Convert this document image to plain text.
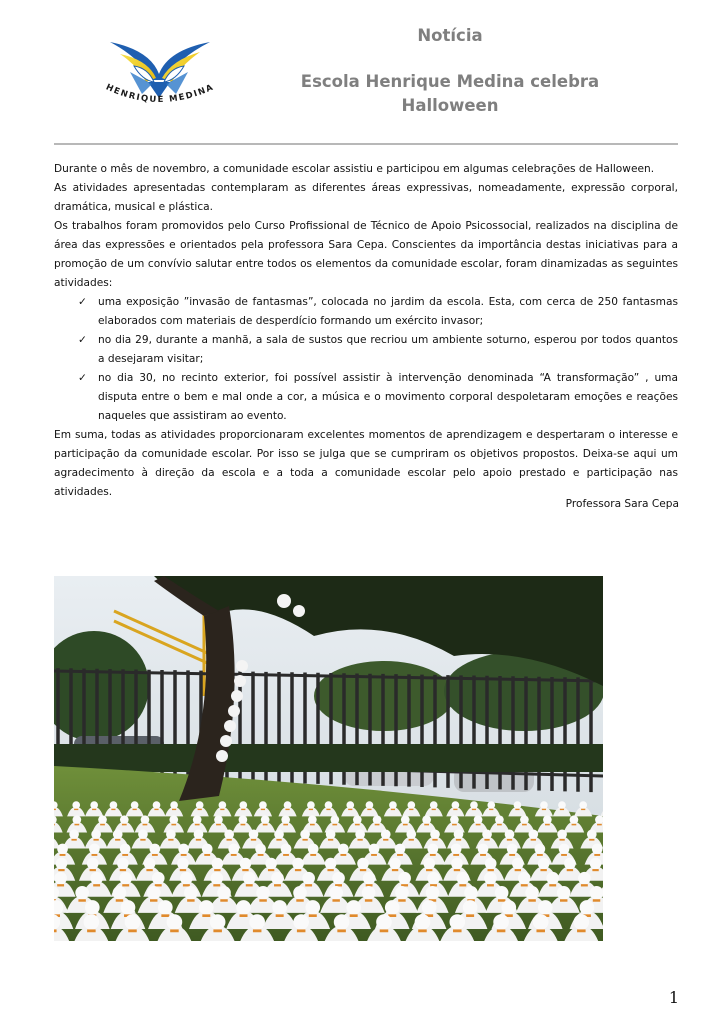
HENRIQUE MEDINA
Notícia
Escola Henrique Medina celebra
Halloween

Durante o mês de novembro, a comunidade escolar assistiu e participou em algumas celebrações de Halloween.

As atividades apresentadas contemplaram as diferentes áreas expressivas, nomeadamente, expressão corporal, dramática, musical e plástica.

Os trabalhos foram promovidos pelo Curso Profissional de Técnico de Apoio Psicossocial, realizados na disciplina de área das expressões e orientados pela professora Sara Cepa. Conscientes da importância destas iniciativas para a promoção de um convívio salutar entre todos os elementos da comunidade escolar, foram dinamizadas as seguintes atividades:

✓ uma exposição ”invasão de fantasmas”, colocada no jardim da escola. Esta, com cerca de 250 fantasmas elaborados com materiais de desperdício formando um exército invasor;
✓ no dia 29, durante a manhã, a sala de sustos que recriou um ambiente soturno, esperou por todos quantos a desejaram visitar;
✓ no dia 30, no recinto exterior, foi possível assistir à intervenção denominada “A transformação” , uma disputa entre o bem e mal onde a cor, a música e o movimento corporal despoletaram emoções e reações naqueles que assistiram ao evento.

Em suma, todas as atividades proporcionaram excelentes momentos de aprendizagem e despertaram o interesse e participação da comunidade escolar. Por isso se julga que se cumpriram os objetivos propostos. Deixa-se aqui um agradecimento à direção da escola e a toda a comunidade escolar pelo apoio prestado e participação nas atividades.

Professora Sara Cepa
1
